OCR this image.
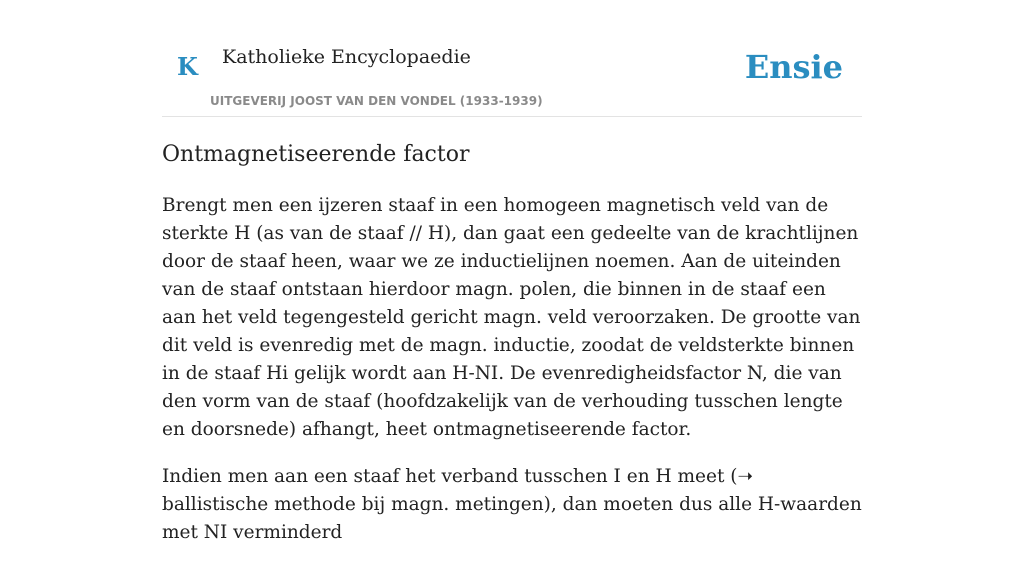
K Katholieke Encyclopaedie
UITGEVERIJ JOOST VAN DEN VONDEL (1933-1939)
Ensie
Ontmagnetiseerende factor

Brengt men een ijzeren staaf in een homogeen magnetisch veld van de sterkte H (as van de staaf // H), dan gaat een gedeelte van de krachtlijnen door de staaf heen, waar we ze inductielijnen noemen. Aan de uiteinden van de staaf ontstaan hierdoor magn. polen, die binnen in de staaf een aan het veld tegengesteld gericht magn. veld veroorzaken. De grootte van dit veld is evenredig met de magn. inductie, zoodat de veldsterkte binnen in de staaf Hi gelijk wordt aan H-NI. De evenredigheidsfactor N, die van den vorm van de staaf (hoofdzakelijk van de verhouding tusschen lengte en doorsnede) afhangt, heet ontmagnetiseerende factor.

Indien men aan een staaf het verband tusschen I en H meet (➝ ballistische methode bij magn. metingen), dan moeten dus alle H-waarden met NI verminderd
